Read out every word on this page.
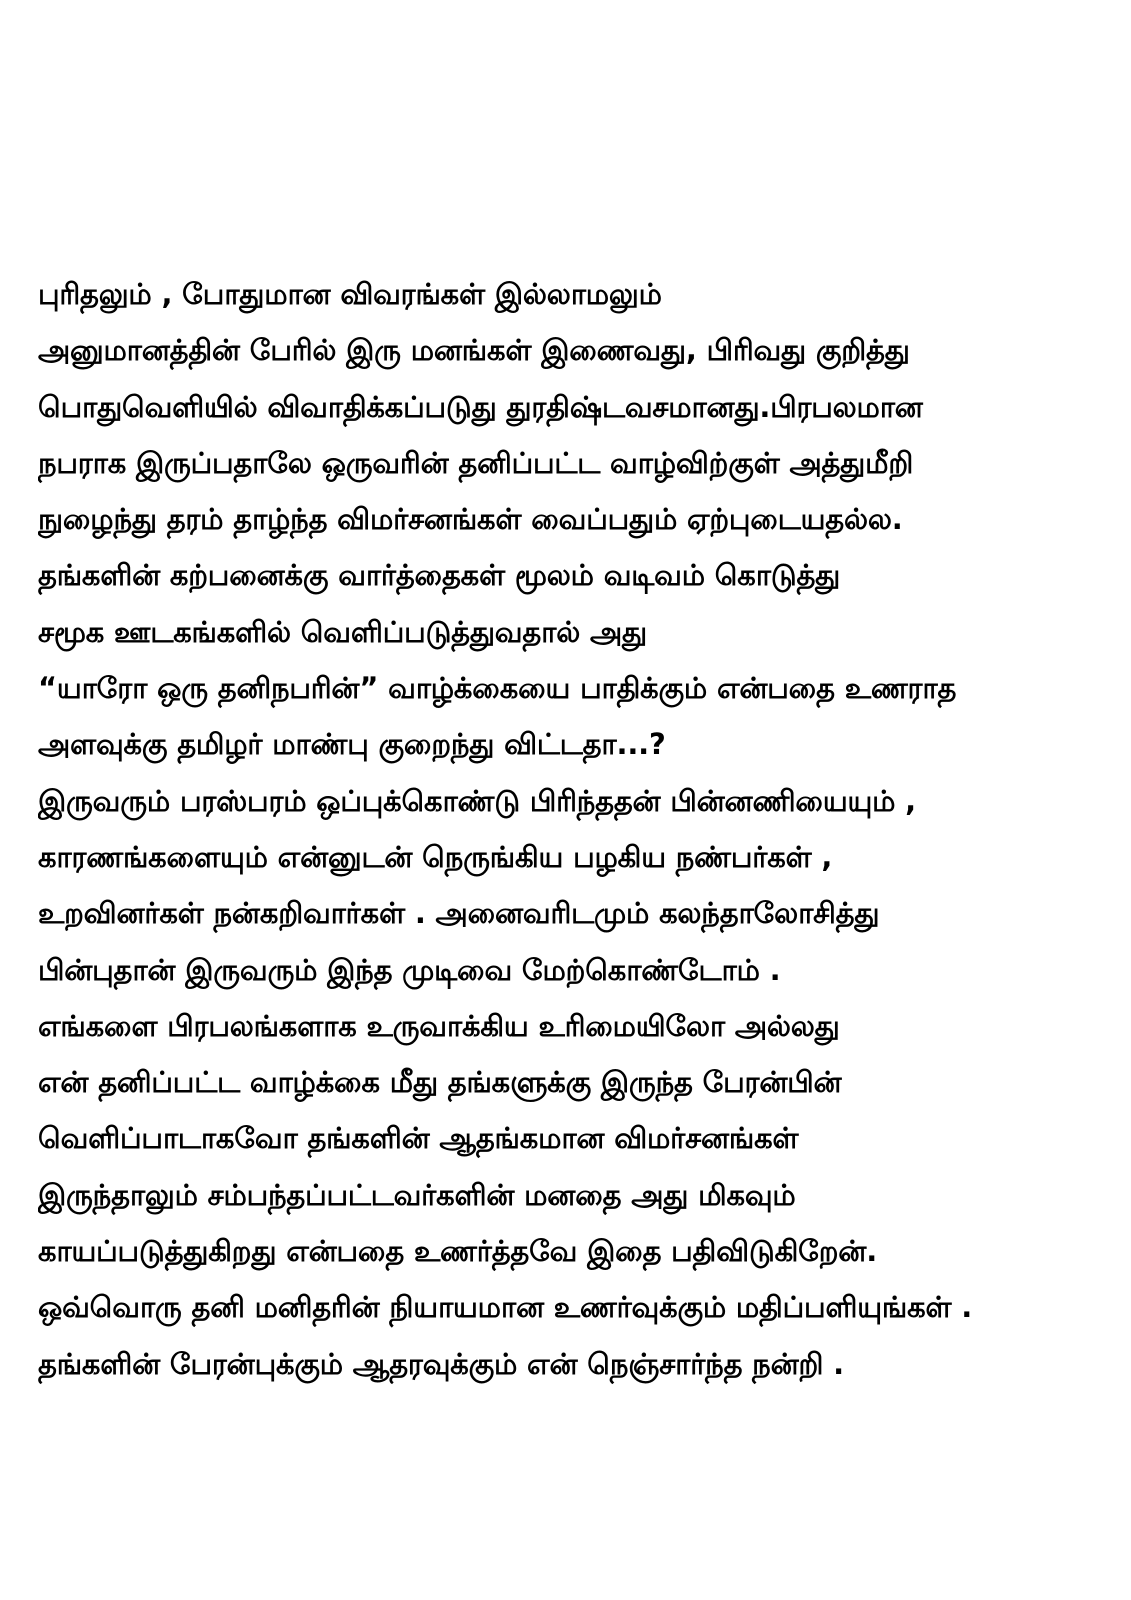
புரிதலும் , போதுமான விவரங்கள் இல்லாமலும்
அனுமானத்தின் பேரில் இரு மனங்கள் இணைவது, பிரிவது குறித்து
பொதுவெளியில் விவாதிக்கப்படுது துரதிஷ்டவசமானது.பிரபலமான
நபராக இருப்பதாலே ஒருவரின் தனிப்பட்ட வாழ்விற்குள் அத்துமீறி
நுழைந்து தரம் தாழ்ந்த விமர்சனங்கள் வைப்பதும் ஏற்புடையதல்ல.
தங்களின் கற்பனைக்கு வார்த்தைகள் மூலம் வடிவம் கொடுத்து
சமூக ஊடகங்களில் வெளிப்படுத்துவதால் அது
“யாரோ ஒரு தனிநபரின்” வாழ்க்கையை பாதிக்கும் என்பதை உணராத
அளவுக்கு தமிழர் மாண்பு குறைந்து விட்டதா...?
இருவரும் பரஸ்பரம் ஒப்புக்கொண்டு பிரிந்ததன் பின்னணியையும் ,
காரணங்களையும் என்னுடன் நெருங்கிய பழகிய நண்பர்கள் ,
உறவினர்கள் நன்கறிவார்கள் . அனைவரிடமும் கலந்தாலோசித்து
பின்புதான் இருவரும் இந்த முடிவை மேற்கொண்டோம் .
எங்களை பிரபலங்களாக உருவாக்கிய உரிமையிலோ அல்லது
என் தனிப்பட்ட வாழ்க்கை மீது தங்களுக்கு இருந்த பேரன்பின்
வெளிப்பாடாகவோ தங்களின் ஆதங்கமான விமர்சனங்கள்
இருந்தாலும் சம்பந்தப்பட்டவர்களின் மனதை அது மிகவும்
காயப்படுத்துகிறது என்பதை உணர்த்தவே இதை பதிவிடுகிறேன்.
ஒவ்வொரு தனி மனிதரின் நியாயமான உணர்வுக்கும் மதிப்பளியுங்கள் .
தங்களின் பேரன்புக்கும் ஆதரவுக்கும் என் நெஞ்சார்ந்த நன்றி .
